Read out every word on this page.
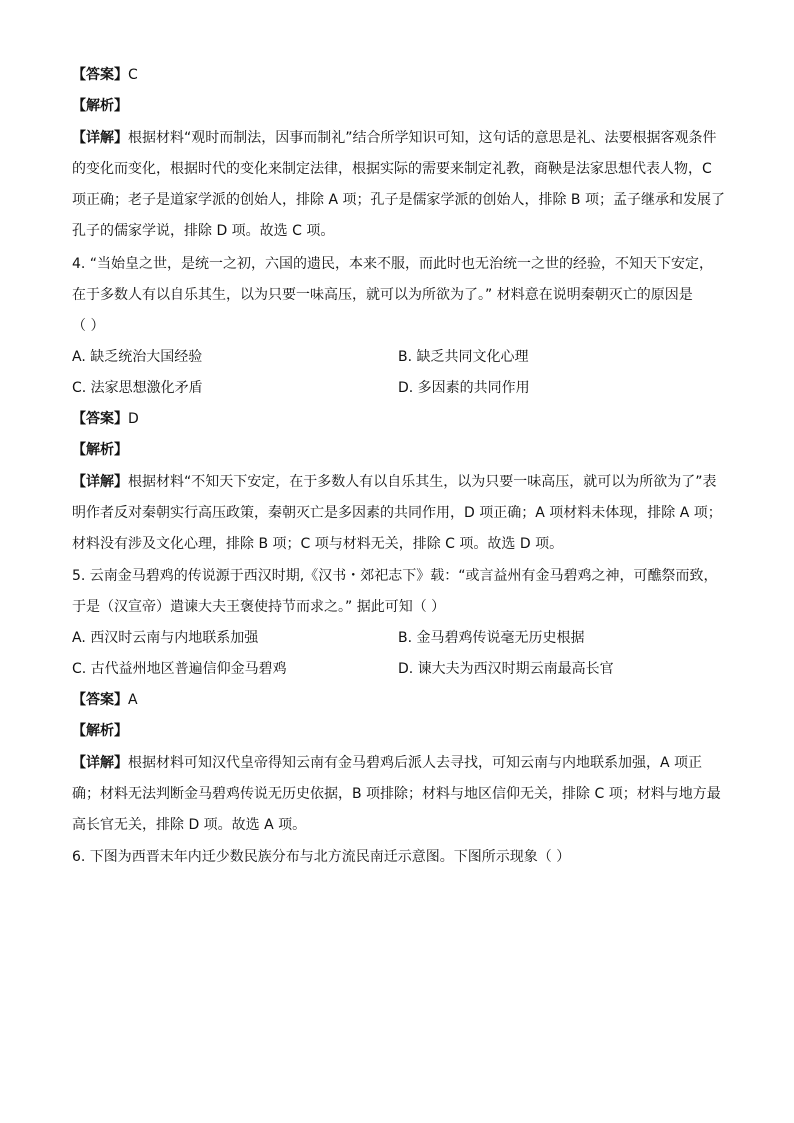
【答案】C
【解析】
【详解】根据材料“观时而制法，因事而制礼”结合所学知识可知，这句话的意思是礼、法要根据客观条件
的变化而变化，根据时代的变化来制定法律，根据实际的需要来制定礼教，商鞅是法家思想代表人物，C
项正确；老子是道家学派的创始人，排除 A 项；孔子是儒家学派的创始人，排除 B 项；孟子继承和发展了
孔子的儒家学说，排除 D 项。故选 C 项。
4. “当始皇之世，是统一之初，六国的遗民，本来不服，而此时也无治统一之世的经验，不知天下安定，
在于多数人有以自乐其生，以为只要一味高压，就可以为所欲为了。” 材料意在说明秦朝灭亡的原因是
（ ）
A. 缺乏统治大国经验	B. 缺乏共同文化心理
C. 法家思想激化矛盾	D. 多因素的共同作用
【答案】D
【解析】
【详解】根据材料“不知天下安定，在于多数人有以自乐其生，以为只要一味高压，就可以为所欲为了”表
明作者反对秦朝实行高压政策，秦朝灭亡是多因素的共同作用，D 项正确；A 项材料未体现，排除 A 项；
材料没有涉及文化心理，排除 B 项；C 项与材料无关，排除 C 项。故选 D 项。
5. 云南金马碧鸡的传说源于西汉时期,《汉书・郊祀志下》载：“或言益州有金马碧鸡之神，可醮祭而致，
于是（汉宣帝）遣谏大夫王褒使持节而求之。” 据此可知（ ）
A. 西汉时云南与内地联系加强	B. 金马碧鸡传说毫无历史根据
C. 古代益州地区普遍信仰金马碧鸡	D. 谏大夫为西汉时期云南最高长官
【答案】A
【解析】
【详解】根据材料可知汉代皇帝得知云南有金马碧鸡后派人去寻找，可知云南与内地联系加强，A 项正
确；材料无法判断金马碧鸡传说无历史依据，B 项排除；材料与地区信仰无关，排除 C 项；材料与地方最
高长官无关，排除 D 项。故选 A 项。
6. 下图为西晋末年内迁少数民族分布与北方流民南迁示意图。下图所示现象（ ）
